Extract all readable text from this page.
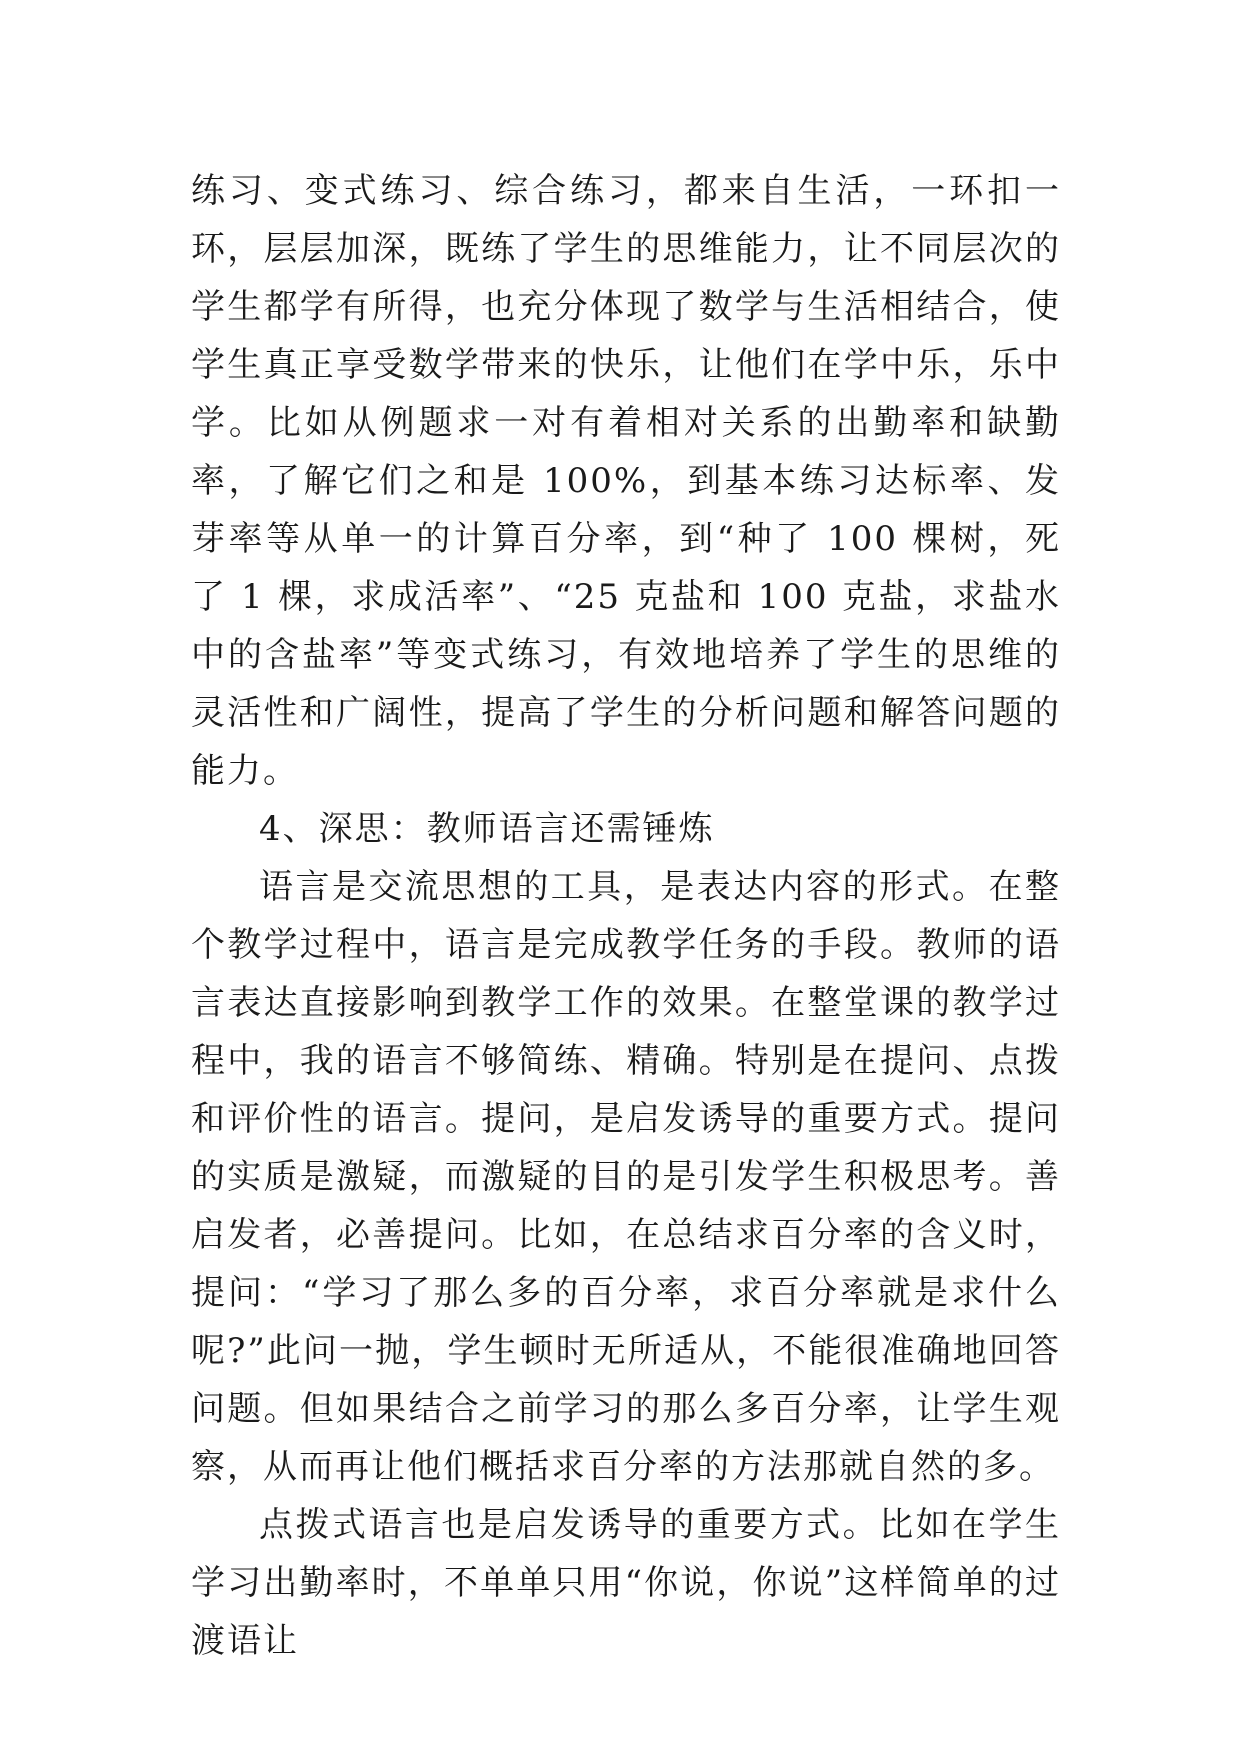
练习、变式练习、综合练习，都来自生活，一环扣一环，层层加深，既练了学生的思维能力，让不同层次的学生都学有所得，也充分体现了数学与生活相结合，使学生真正享受数学带来的快乐，让他们在学中乐，乐中学。比如从例题求一对有着相对关系的出勤率和缺勤率，了解它们之和是 100%，到基本练习达标率、发芽率等从单一的计算百分率，到“种了 100 棵树，死了 1 棵，求成活率”、“25 克盐和 100 克盐，求盐水中的含盐率”等变式练习，有效地培养了学生的思维的灵活性和广阔性，提高了学生的分析问题和解答问题的能力。

4、深思：教师语言还需锤炼

语言是交流思想的工具，是表达内容的形式。在整个教学过程中，语言是完成教学任务的手段。教师的语言表达直接影响到教学工作的效果。在整堂课的教学过程中，我的语言不够简练、精确。特别是在提问、点拨和评价性的语言。提问，是启发诱导的重要方式。提问的实质是激疑，而激疑的目的是引发学生积极思考。善启发者，必善提问。比如，在总结求百分率的含义时，提问：“学习了那么多的百分率，求百分率就是求什么呢?”此问一抛，学生顿时无所适从，不能很准确地回答问题。但如果结合之前学习的那么多百分率，让学生观察，从而再让他们概括求百分率的方法那就自然的多。

点拨式语言也是启发诱导的重要方式。比如在学生学习出勤率时，不单单只用“你说，你说”这样简单的过渡语让
